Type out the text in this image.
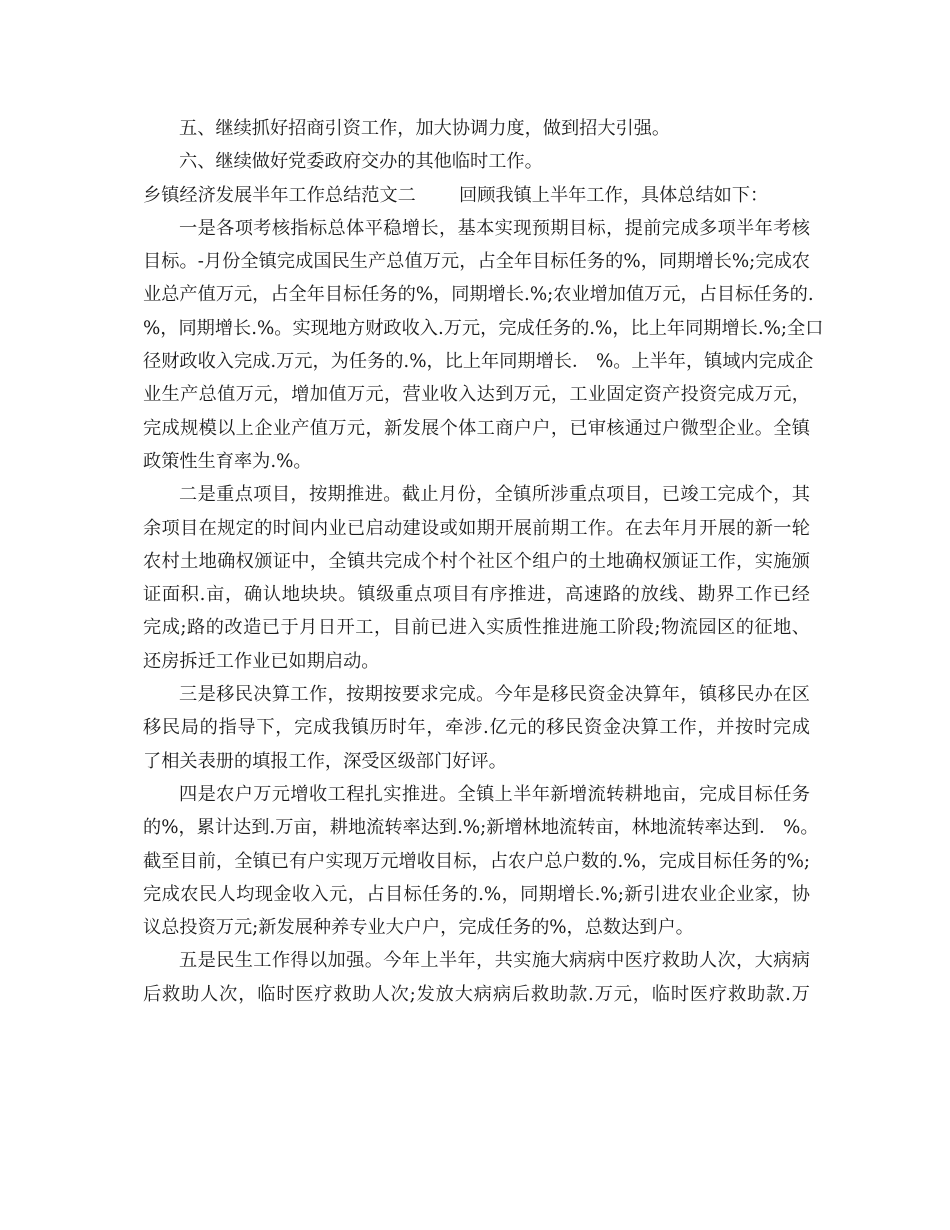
五、继续抓好招商引资工作，加大协调力度，做到招大引强。
六、继续做好党委政府交办的其他临时工作。
乡镇经济发展半年工作总结范文二 回顾我镇上半年工作，具体总结如下：
一是各项考核指标总体平稳增长，基本实现预期目标，提前完成多项半年考核
目标。-月份全镇完成国民生产总值万元，占全年目标任务的%，同期增长%;完成农
业总产值万元，占全年目标任务的%，同期增长.%;农业增加值万元，占目标任务的.
%，同期增长.%。实现地方财政收入.万元，完成任务的.%，比上年同期增长.%;全口
径财政收入完成.万元，为任务的.%，比上年同期增长． %。上半年，镇域内完成企
业生产总值万元，增加值万元，营业收入达到万元，工业固定资产投资完成万元，
完成规模以上企业产值万元，新发展个体工商户户，已审核通过户微型企业。全镇
政策性生育率为.%。
二是重点项目，按期推进。截止月份，全镇所涉重点项目，已竣工完成个，其
余项目在规定的时间内业已启动建设或如期开展前期工作。在去年月开展的新一轮
农村土地确权颁证中，全镇共完成个村个社区个组户的土地确权颁证工作，实施颁
证面积.亩，确认地块块。镇级重点项目有序推进，高速路的放线、勘界工作已经
完成;路的改造已于月日开工，目前已进入实质性推进施工阶段;物流园区的征地、
还房拆迁工作业已如期启动。
三是移民决算工作，按期按要求完成。今年是移民资金决算年，镇移民办在区
移民局的指导下，完成我镇历时年，牵涉.亿元的移民资金决算工作，并按时完成
了相关表册的填报工作，深受区级部门好评。
四是农户万元增收工程扎实推进。全镇上半年新增流转耕地亩，完成目标任务
的%，累计达到.万亩，耕地流转率达到.%;新增林地流转亩，林地流转率达到． %。
截至目前，全镇已有户实现万元增收目标，占农户总户数的.%，完成目标任务的%;
完成农民人均现金收入元，占目标任务的.%，同期增长.%;新引进农业企业家，协
议总投资万元;新发展种养专业大户户，完成任务的%，总数达到户。
五是民生工作得以加强。今年上半年，共实施大病病中医疗救助人次，大病病
后救助人次，临时医疗救助人次;发放大病病后救助款.万元，临时医疗救助款.万
